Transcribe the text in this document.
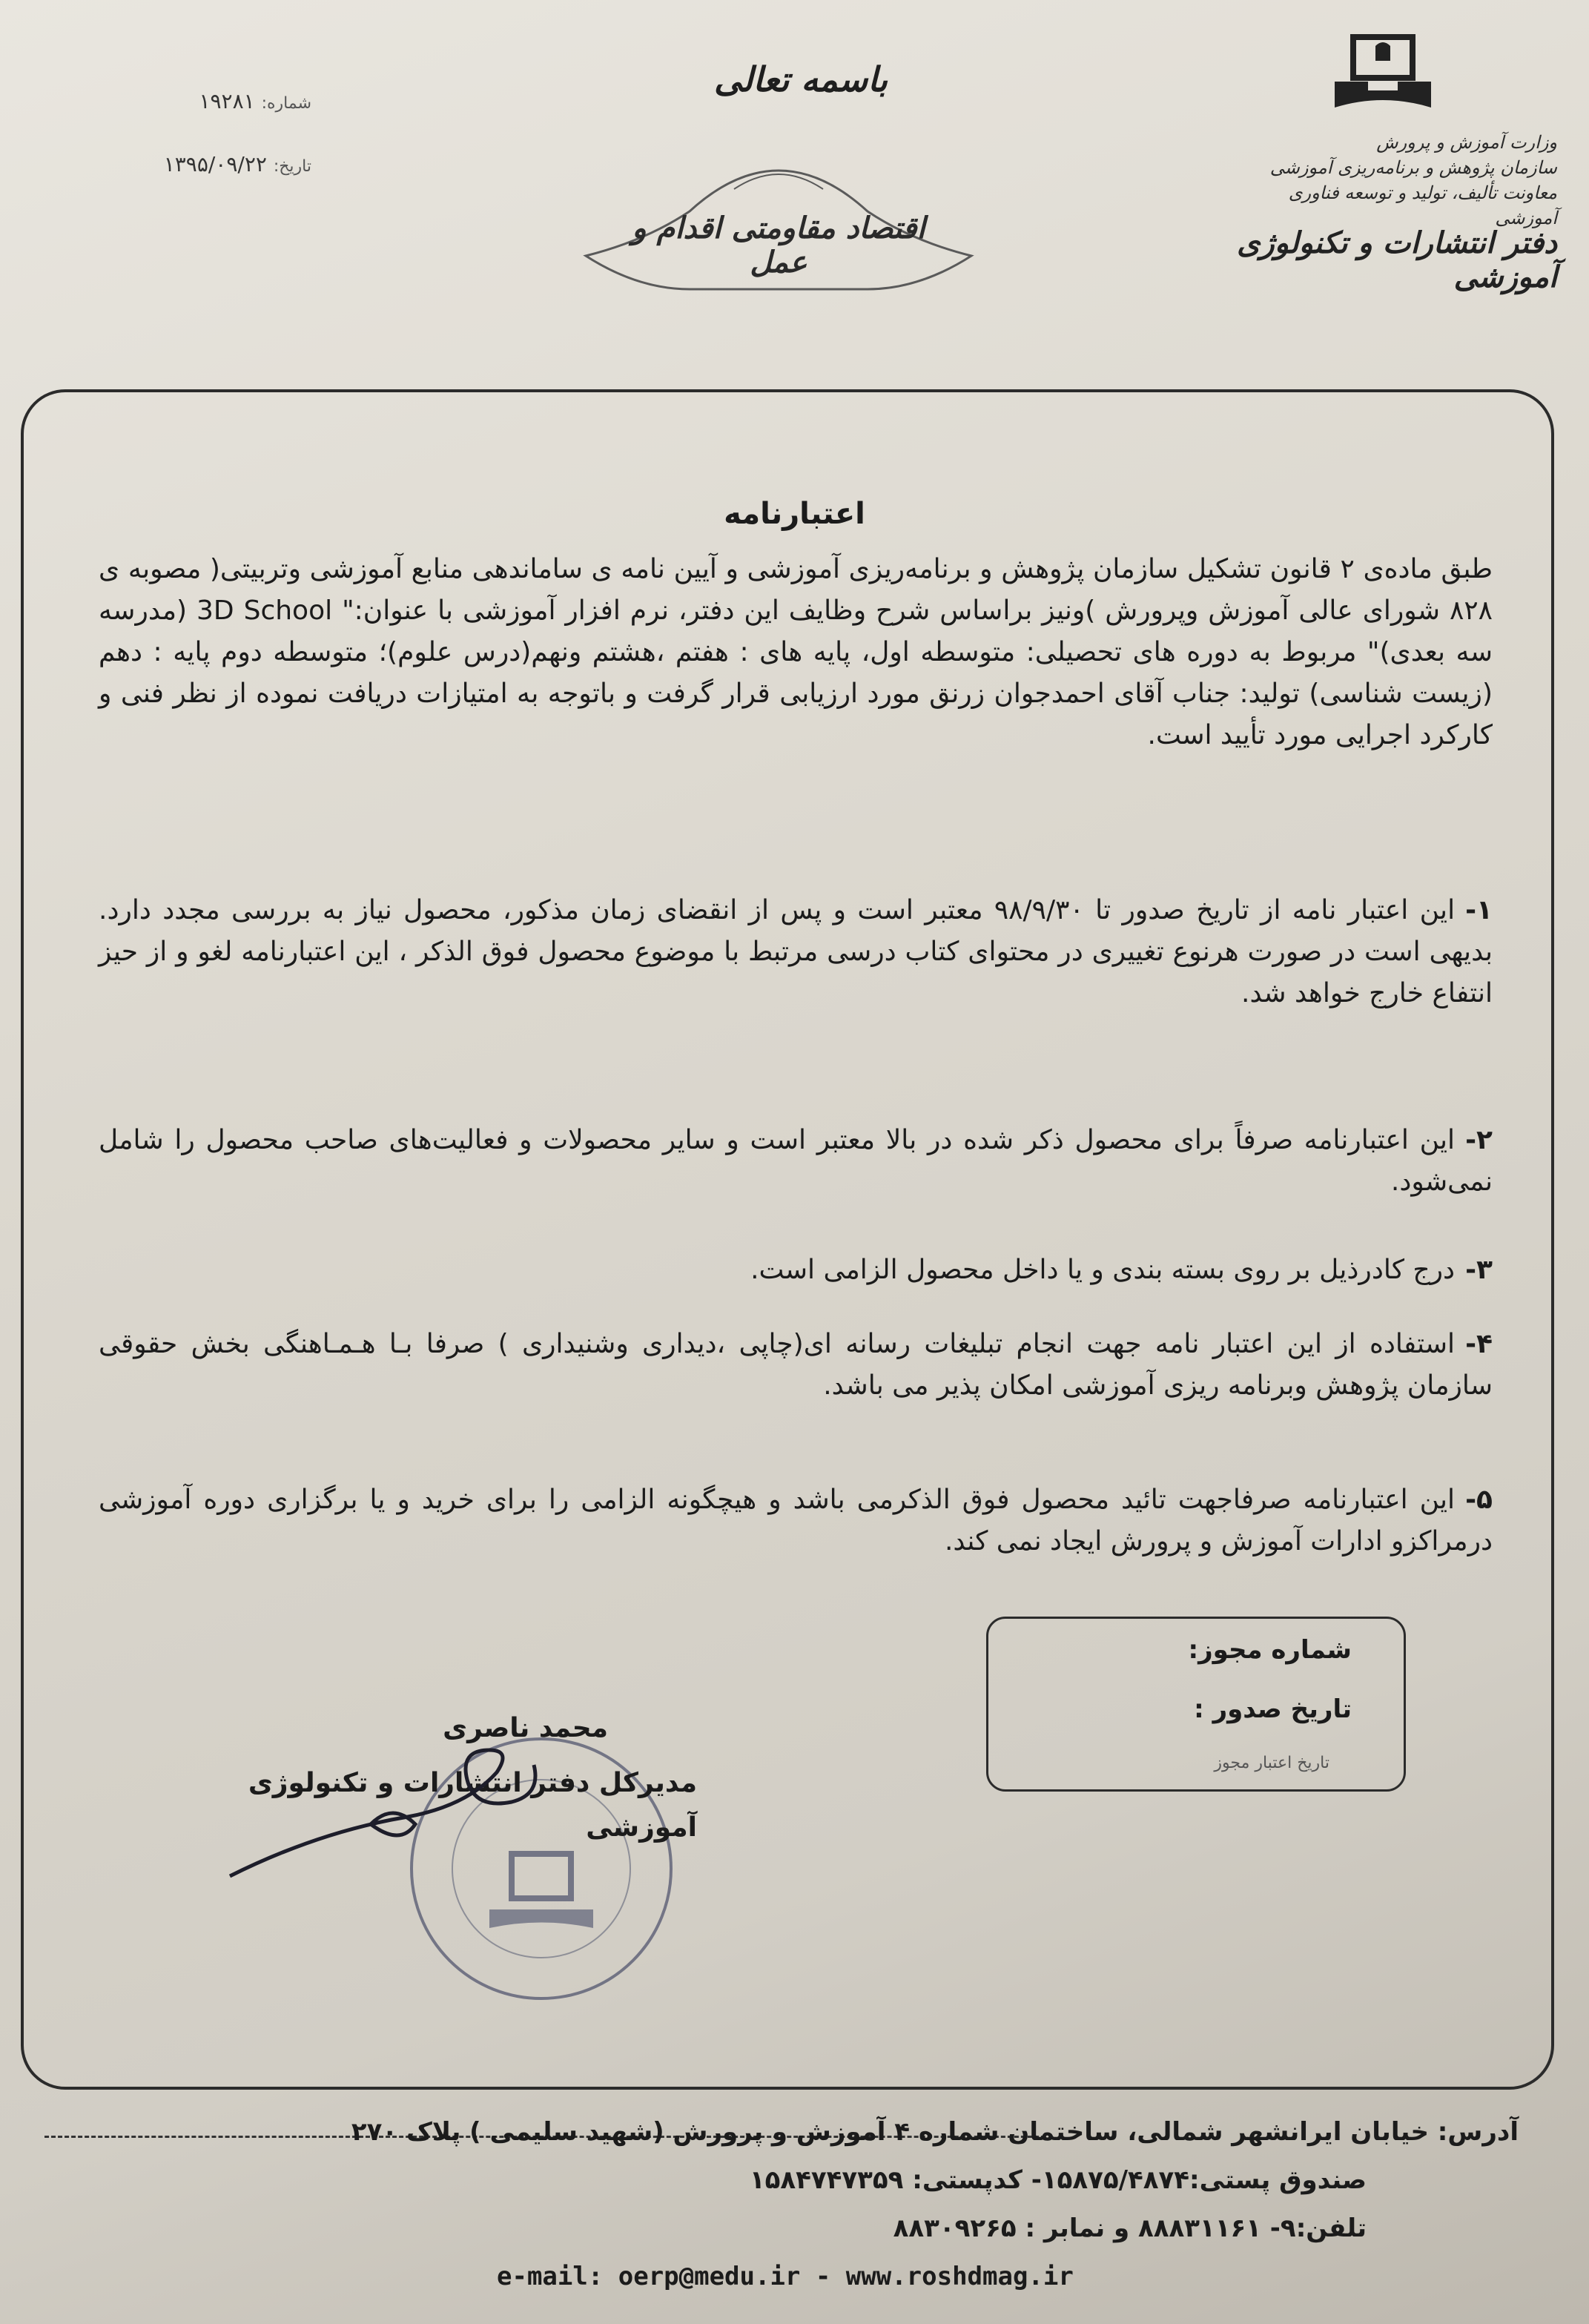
وزارت آموزش و پرورش
سازمان پژوهش و برنامه‌ریزی آموزشی
معاونت تألیف، تولید و توسعه فناوری آموزشی
دفتر انتشارات و تکنولوژی آموزشی
باسمه تعالی
اقتصاد مقاومتی اقدام و عمل
شماره: ۱۹۲۸۱
تاریخ: ۱۳۹۵/۰۹/۲۲
اعتبارنامه
طبق ماده‌ی ۲ قانون تشکیل سازمان پژوهش و برنامه‌ریزی آموزشی و آیین نامه ی ساماندهی منابع آموزشی وتربیتی( مصوبه ی ۸۲۸ شورای عالی آموزش وپرورش )ونیز براساس شرح وظایف این دفتر، نرم افزار آموزشی با عنوان:" 3D School (مدرسه سه بعدی)" مربوط به دوره های تحصیلی: متوسطه اول، پایه های : هفتم ،هشتم ونهم(درس علوم)؛ متوسطه دوم پایه : دهم (زیست شناسی) تولید: جناب آقای احمدجوان زرنق مورد ارزیابی قرار گرفت و باتوجه به امتیازات دریافت نموده از نظر فنی و کارکرد اجرایی مورد تأیید است.
۱-این اعتبار نامه از تاریخ صدور تا ۹۸/۹/۳۰ معتبر است و پس از انقضای زمان مذکور، محصول نیاز به بررسی مجدد دارد. بدیهی است در صورت هرنوع تغییری در محتوای کتاب درسی مرتبط با موضوع محصول فوق الذکر ، این اعتبارنامه لغو و از حیز انتفاع خارج خواهد شد.
۲-این اعتبارنامه صرفاً برای محصول ذکر شده در بالا معتبر است و سایر محصولات و فعالیت‌های صاحب محصول را شامل نمی‌شود.
۳-درج کادرذیل بر روی بسته بندی و یا داخل محصول الزامی است.
۴-استفاده از این اعتبار نامه جهت انجام تبلیغات رسانه ای(چاپی ،دیداری وشنیداری ) صرفا بـا هـمـاهنگی بخش حقوقی سازمان پژوهش وبرنامه ریزی آموزشی امکان پذیر می باشد.
۵-این اعتبارنامه صرفاجهت تائید محصول فوق الذکرمی باشد و هیچگونه الزامی را برای خرید و یا برگزاری دوره آموزشی درمراکزو ادارات آموزش و پرورش ایجاد نمی کند.
شماره مجوز:
تاریخ صدور :
تاریخ اعتبار مجوز
محمد ناصری
مدیرکل دفتر انتشارات و تکنولوژی آموزشی
آدرس: خیابان ایرانشهر شمالی، ساختمان شماره ۴ آموزش و پرورش (شهید سلیمی ) پلاک ۲۷۰
صندوق پستی:۱۵۸۷۵/۴۸۷۴- کدپستی: ۱۵۸۴۷۴۷۳۵۹
تلفن:۹- ۸۸۸۳۱۱۶۱ و نمابر : ۸۸۳۰۹۲۶۵
e-mail: oerp@medu.ir - www.roshdmag.ir
